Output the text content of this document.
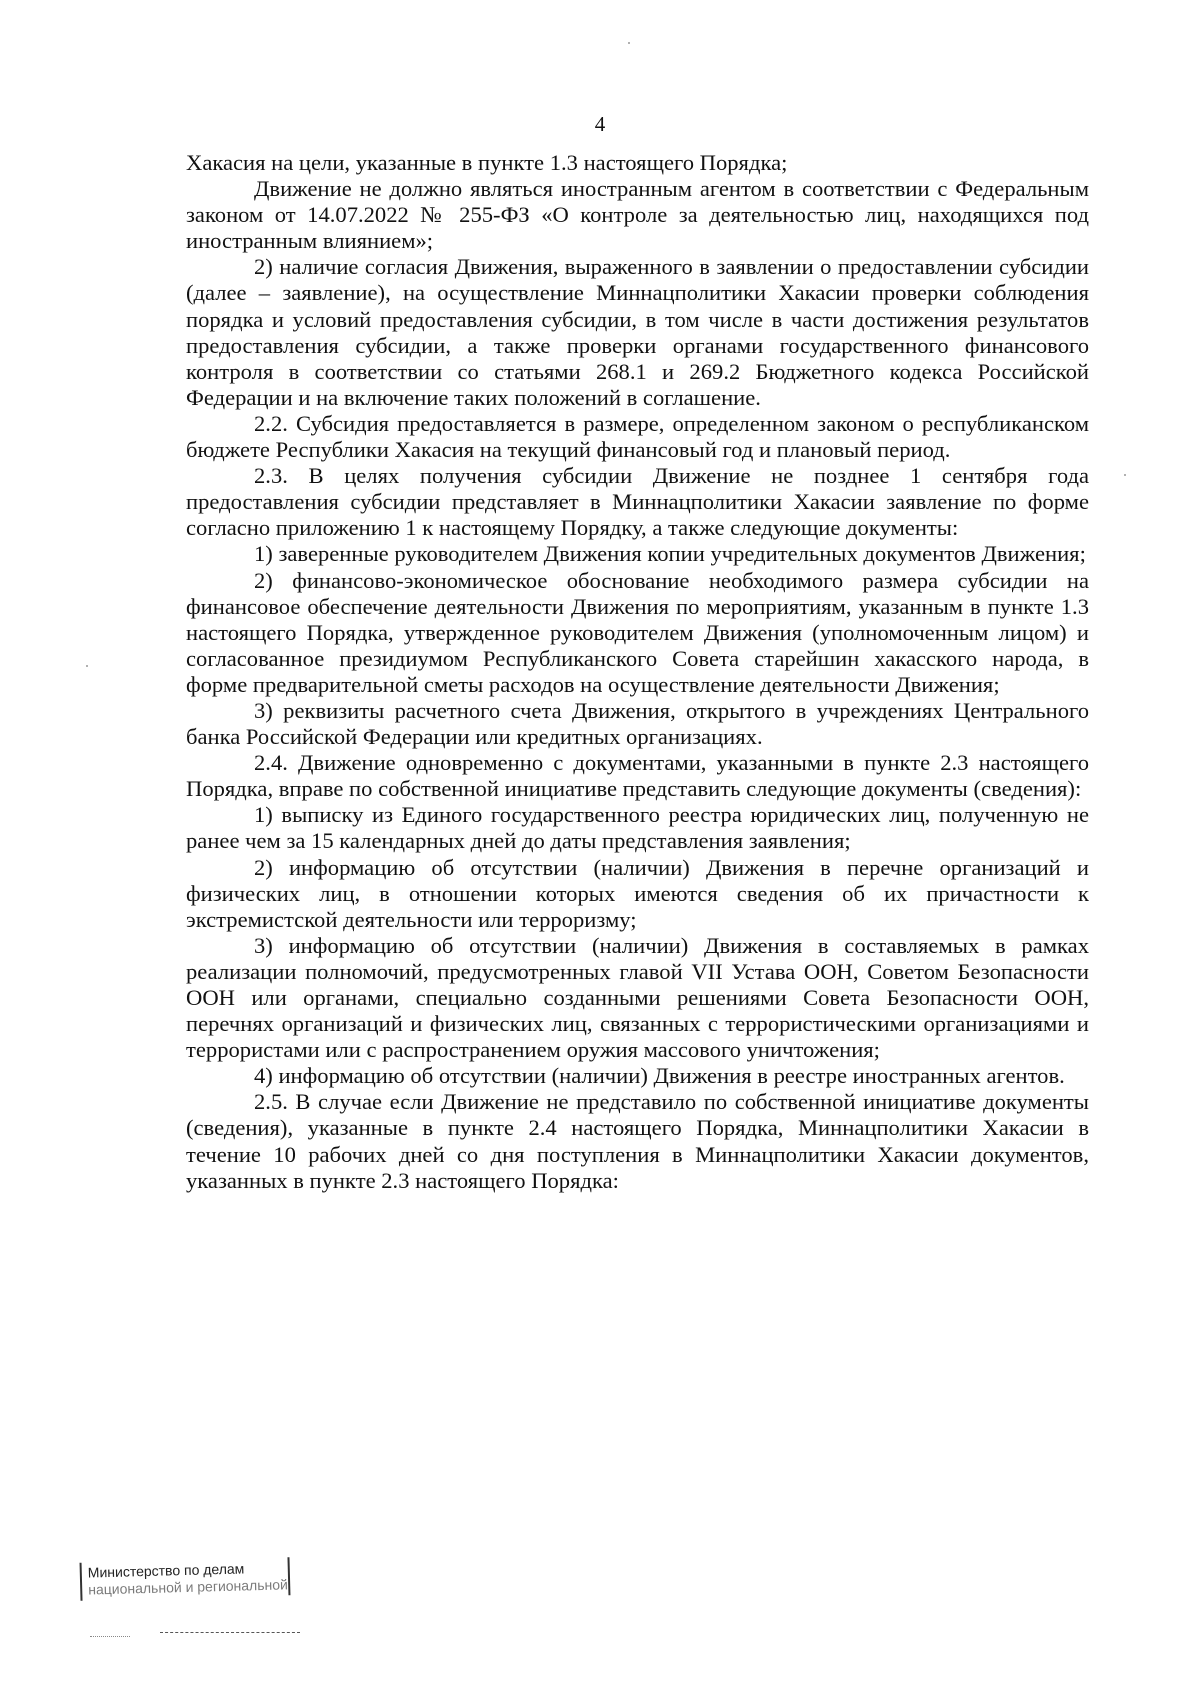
4

Хакасия на цели, указанные в пункте 1.3 настоящего Порядка;

Движение не должно являться иностранным агентом в соответствии с Федеральным законом от 14.07.2022 № 255-ФЗ «О контроле за деятельностью лиц, находящихся под иностранным влиянием»;

2) наличие согласия Движения, выраженного в заявлении о предоставлении субсидии (далее – заявление), на осуществление Миннацполитики Хакасии проверки соблюдения порядка и условий предоставления субсидии, в том числе в части достижения результатов предоставления субсидии, а также проверки органами государственного финансового контроля в соответствии со статьями 268.1 и 269.2 Бюджетного кодекса Российской Федерации и на включение таких положений в соглашение.

2.2. Субсидия предоставляется в размере, определенном законом о республиканском бюджете Республики Хакасия на текущий финансовый год и плановый период.

2.3. В целях получения субсидии Движение не позднее 1 сентября года предоставления субсидии представляет в Миннацполитики Хакасии заявление по форме согласно приложению 1 к настоящему Порядку, а также следующие документы:

1) заверенные руководителем Движения копии учредительных документов Движения;

2) финансово-экономическое обоснование необходимого размера субсидии на финансовое обеспечение деятельности Движения по мероприятиям, указанным в пункте 1.3 настоящего Порядка, утвержденное руководителем Движения (уполномоченным лицом) и согласованное президиумом Республиканского Совета старейшин хакасского народа, в форме предварительной сметы расходов на осуществление деятельности Движения;

3) реквизиты расчетного счета Движения, открытого в учреждениях Центрального банка Российской Федерации или кредитных организациях.

2.4. Движение одновременно с документами, указанными в пункте 2.3 настоящего Порядка, вправе по собственной инициативе представить следующие документы (сведения):

1) выписку из Единого государственного реестра юридических лиц, полученную не ранее чем за 15 календарных дней до даты представления заявления;

2) информацию об отсутствии (наличии) Движения в перечне организаций и физических лиц, в отношении которых имеются сведения об их причастности к экстремистской деятельности или терроризму;

3) информацию об отсутствии (наличии) Движения в составляемых в рамках реализации полномочий, предусмотренных главой VII Устава ООН, Советом Безопасности ООН или органами, специально созданными решениями Совета Безопасности ООН, перечнях организаций и физических лиц, связанных с террористическими организациями и террористами или с распространением оружия массового уничтожения;

4) информацию об отсутствии (наличии) Движения в реестре иностранных агентов.

2.5. В случае если Движение не представило по собственной инициативе документы (сведения), указанные в пункте 2.4 настоящего Порядка, Миннацполитики Хакасии в течение 10 рабочих дней со дня поступления в Миннацполитики Хакасии документов, указанных в пункте 2.3 настоящего Порядка:

Министерство по делам
национальной и региональной
